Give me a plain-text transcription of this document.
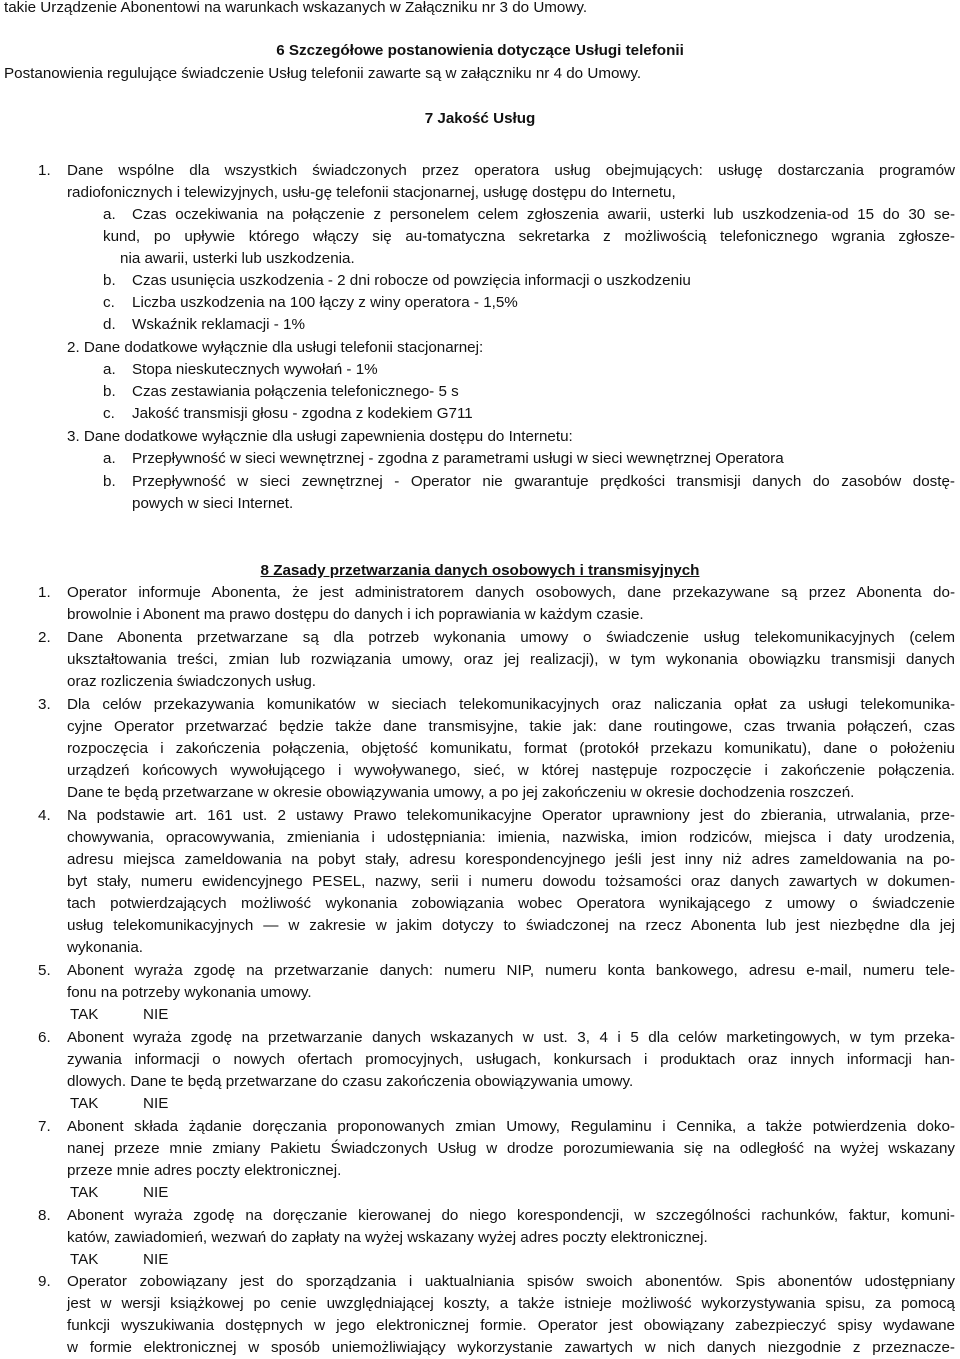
takie Urządzenie Abonentowi na warunkach wskazanych w Załączniku nr 3 do Umowy.
6 Szczegółowe postanowienia dotyczące Usługi telefonii
Postanowienia regulujące świadczenie Usług telefonii zawarte są w załączniku nr 4 do Umowy.
7 Jakość Usług
1. Dane wspólne dla wszystkich świadczonych przez operatora usług obejmujących: usługę dostarczania programów
radiofonicznych i telewizyjnych, usłu-gę telefonii stacjonarnej, usługę dostępu do Internetu,
a. Czas oczekiwania na połączenie z personelem celem zgłoszenia awarii, usterki lub uszkodzenia-od 15 do 30 se-
kund, po upływie którego włączy się au-tomatyczna sekretarka z możliwością telefonicznego wgrania zgłosze-
nia awarii, usterki lub uszkodzenia.
b. Czas usunięcia uszkodzenia - 2 dni robocze od powzięcia informacji o uszkodzeniu
c. Liczba uszkodzenia na 100 łączy z winy operatora - 1,5%
d. Wskaźnik reklamacji - 1%
2. Dane dodatkowe wyłącznie dla usługi telefonii stacjonarnej:
a. Stopa nieskutecznych wywołań - 1%
b. Czas zestawiania połączenia telefonicznego- 5 s
c. Jakość transmisji głosu - zgodna z kodekiem G711
3. Dane dodatkowe wyłącznie dla usługi zapewnienia dostępu do Internetu:
a. Przepływność w sieci wewnętrznej - zgodna z parametrami usługi w sieci wewnętrznej Operatora
b. Przepływność w sieci zewnętrznej - Operator nie gwarantuje prędkości transmisji danych do zasobów dostę-
powych w sieci Internet.
8 Zasady przetwarzania danych osobowych i transmisyjnych
1. Operator informuje Abonenta, że jest administratorem danych osobowych, dane przekazywane są przez Abonenta do-
browolnie i Abonent ma prawo dostępu do danych i ich poprawiania w każdym czasie.
2. Dane Abonenta przetwarzane są dla potrzeb wykonania umowy o świadczenie usług telekomunikacyjnych (celem
ukształtowania treści, zmian lub rozwiązania umowy, oraz jej realizacji), w tym wykonania obowiązku transmisji danych
oraz rozliczenia świadczonych usług.
3. Dla celów przekazywania komunikatów w sieciach telekomunikacyjnych oraz naliczania opłat za usługi telekomunika-
cyjne Operator przetwarzać będzie także dane transmisyjne, takie jak: dane routingowe, czas trwania połączeń, czas
rozpoczęcia i zakończenia połączenia, objętość komunikatu, format (protokół przekazu komunikatu), dane o położeniu
urządzeń końcowych wywołującego i wywoływanego, sieć, w której następuje rozpoczęcie i zakończenie połączenia.
Dane te będą przetwarzane w okresie obowiązywania umowy, a po jej zakończeniu w okresie dochodzenia roszczeń.
4. Na podstawie art. 161 ust. 2 ustawy Prawo telekomunikacyjne Operator uprawniony jest do zbierania, utrwalania, prze-
chowywania, opracowywania, zmieniania i udostępniania: imienia, nazwiska, imion rodziców, miejsca i daty urodzenia,
adresu miejsca zameldowania na pobyt stały, adresu korespondencyjnego jeśli jest inny niż adres zameldowania na po-
byt stały, numeru ewidencyjnego PESEL, nazwy, serii i numeru dowodu tożsamości oraz danych zawartych w dokumen-
tach potwierdzających możliwość wykonania zobowiązania wobec Operatora wynikającego z umowy o świadczenie
usług telekomunikacyjnych — w zakresie w jakim dotyczy to świadczonej na rzecz Abonenta lub jest niezbędne dla jej
wykonania.
5. Abonent wyraża zgodę na przetwarzanie danych: numeru NIP, numeru konta bankowego, adresu e-mail, numeru tele-
fonu na potrzeby wykonania umowy.
TAK	NIE
6. Abonent wyraża zgodę na przetwarzanie danych wskazanych w ust. 3, 4 i 5 dla celów marketingowych, w tym przeka-
zywania informacji o nowych ofertach promocyjnych, usługach, konkursach i produktach oraz innych informacji han-
dlowych. Dane te będą przetwarzane do czasu zakończenia obowiązywania umowy.
TAK	NIE
7. Abonent składa żądanie doręczania proponowanych zmian Umowy, Regulaminu i Cennika, a także potwierdzenia doko-
nanej przeze mnie zmiany Pakietu Świadczonych Usług w drodze porozumiewania się na odległość na wyżej wskazany
przeze mnie adres poczty elektronicznej.
TAK	NIE
8. Abonent wyraża zgodę na doręczanie kierowanej do niego korespondencji, w szczególności rachunków, faktur, komuni-
katów, zawiadomień, wezwań do zapłaty na wyżej wskazany wyżej adres poczty elektronicznej.
TAK	NIE
9. Operator zobowiązany jest do sporządzania i uaktualniania spisów swoich abonentów. Spis abonentów udostępniany
jest w wersji książkowej po cenie uwzględniającej koszty, a także istnieje możliwość wykorzystywania spisu, za pomocą
funkcji wyszukiwania dostępnych w jego elektronicznej formie. Operator jest obowiązany zabezpieczyć spisy wydawane
w formie elektronicznej w sposób uniemożliwiający wykorzystanie zawartych w nich danych niezgodnie z przeznacze-
